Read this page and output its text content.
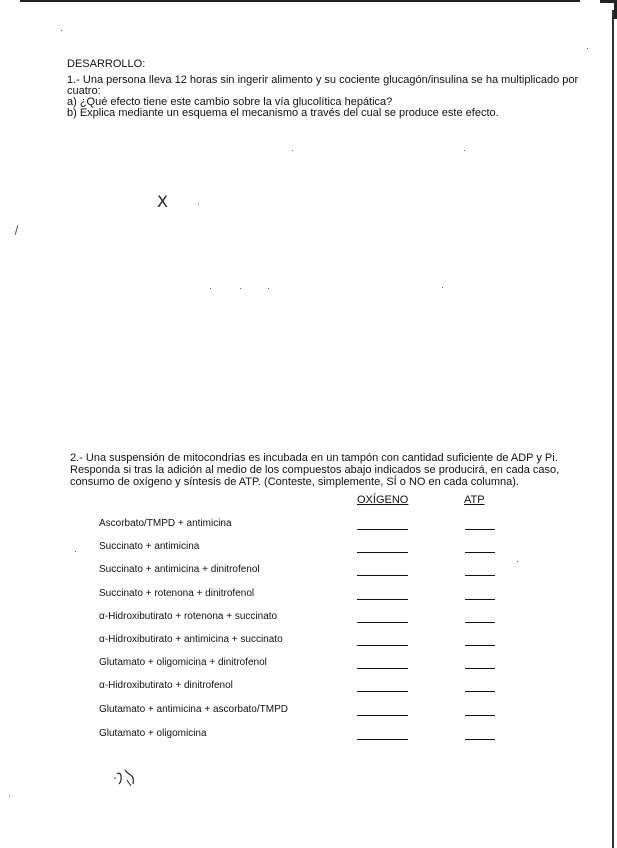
DESARROLLO:
1.- Una persona lleva 12 horas sin ingerir alimento y su cociente glucagón/insulina se ha multiplicado por
cuatro:
a) ¿Qué efecto tiene este cambio sobre la vía glucolítica hepática?
b) Explica mediante un esquema el mecanismo a través del cual se produce este efecto.
X
2.- Una suspensión de mitocondrias es incubada en un tampón con cantidad suficiente de ADP y Pi.
Responda si tras la adición al medio de los compuestos abajo indicados se producirá, en cada caso,
consumo de oxígeno y síntesis de ATP. (Conteste, simplemente, SÍ o NO en cada columna).
OXÍGENO	ATP
Ascorbato/TMPD + antimicina
Succinato + antimicina
Succinato + antimicina + dinitrofenol
Succinato + rotenona + dinitrofenol
α-Hidroxibutirato + rotenona + succinato
α-Hidroxibutirato + antimicina + succinato
Glutamato + oligomicina + dinitrofenol
α-Hidroxibutirato + dinitrofenol
Glutamato + antimicina + ascorbato/TMPD
Glutamato + oligomicina
